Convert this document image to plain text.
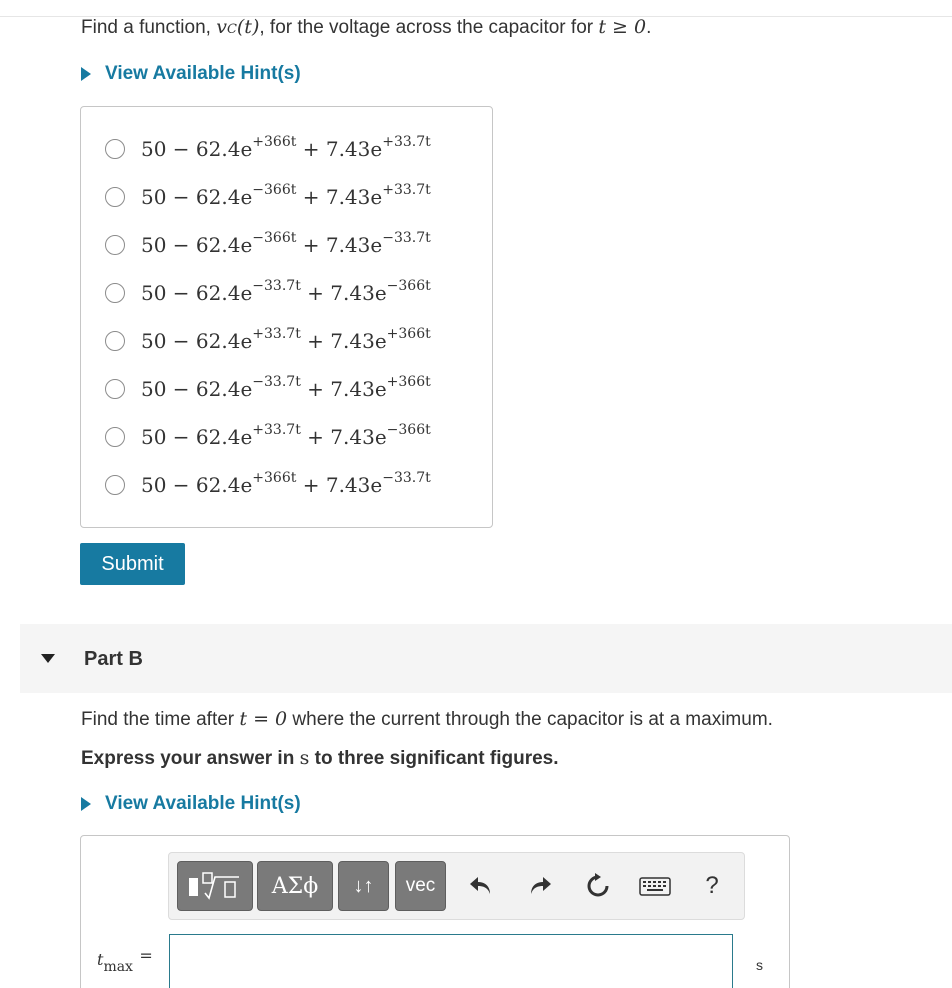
Find a function, vC(t), for the voltage across the capacitor for t ≥ 0.
View Available Hint(s)
$50 - 62.4e^{+366t} + 7.43e^{+33.7t}$
$50 - 62.4e^{-366t} + 7.43e^{+33.7t}$
$50 - 62.4e^{-366t} + 7.43e^{-33.7t}$
$50 - 62.4e^{-33.7t} + 7.43e^{-366t}$
$50 - 62.4e^{+33.7t} + 7.43e^{+366t}$
$50 - 62.4e^{-33.7t} + 7.43e^{+366t}$
$50 - 62.4e^{+33.7t} + 7.43e^{-366t}$
$50 - 62.4e^{+366t} + 7.43e^{-33.7t}$
Submit
Part B
Find the time after t = 0 where the current through the capacitor is at a maximum.
Express your answer in s to three significant figures.
View Available Hint(s)
ΑΣϕ	↓↑	vec	?
tmax =	s
